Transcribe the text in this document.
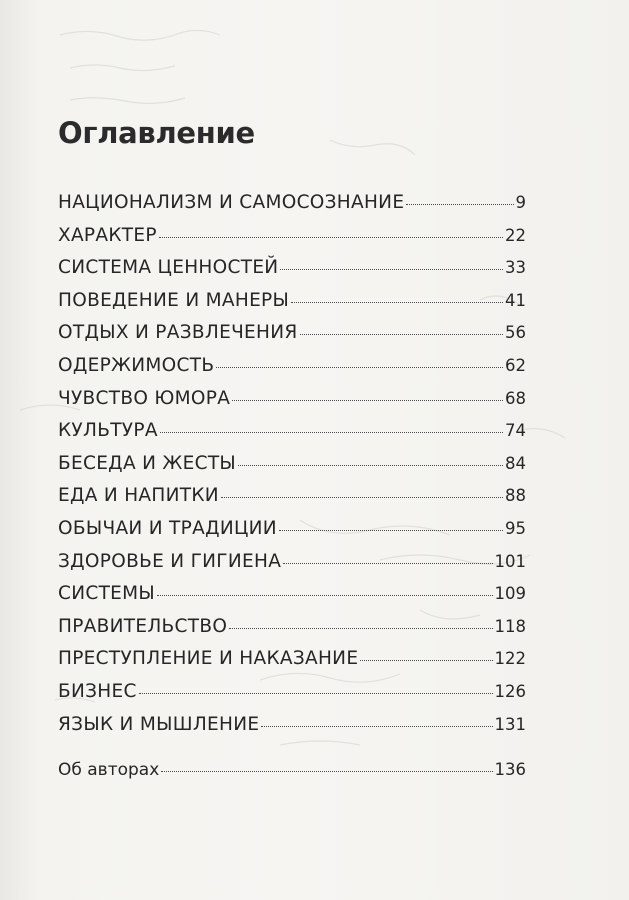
Оглавление
НАЦИОНАЛИЗМ И САМОСОЗНАНИЕ	9
ХАРАКТЕР	22
СИСТЕМА ЦЕННОСТЕЙ	33
ПОВЕДЕНИЕ И МАНЕРЫ	41
ОТДЫХ И РАЗВЛЕЧЕНИЯ	56
ОДЕРЖИМОСТЬ	62
ЧУВСТВО ЮМОРА	68
КУЛЬТУРА	74
БЕСЕДА И ЖЕСТЫ	84
ЕДА И НАПИТКИ	88
ОБЫЧАИ И ТРАДИЦИИ	95
ЗДОРОВЬЕ И ГИГИЕНА	101
СИСТЕМЫ	109
ПРАВИТЕЛЬСТВО	118
ПРЕСТУПЛЕНИЕ И НАКАЗАНИЕ	122
БИЗНЕС	126
ЯЗЫК И МЫШЛЕНИЕ	131
Об авторах	136
